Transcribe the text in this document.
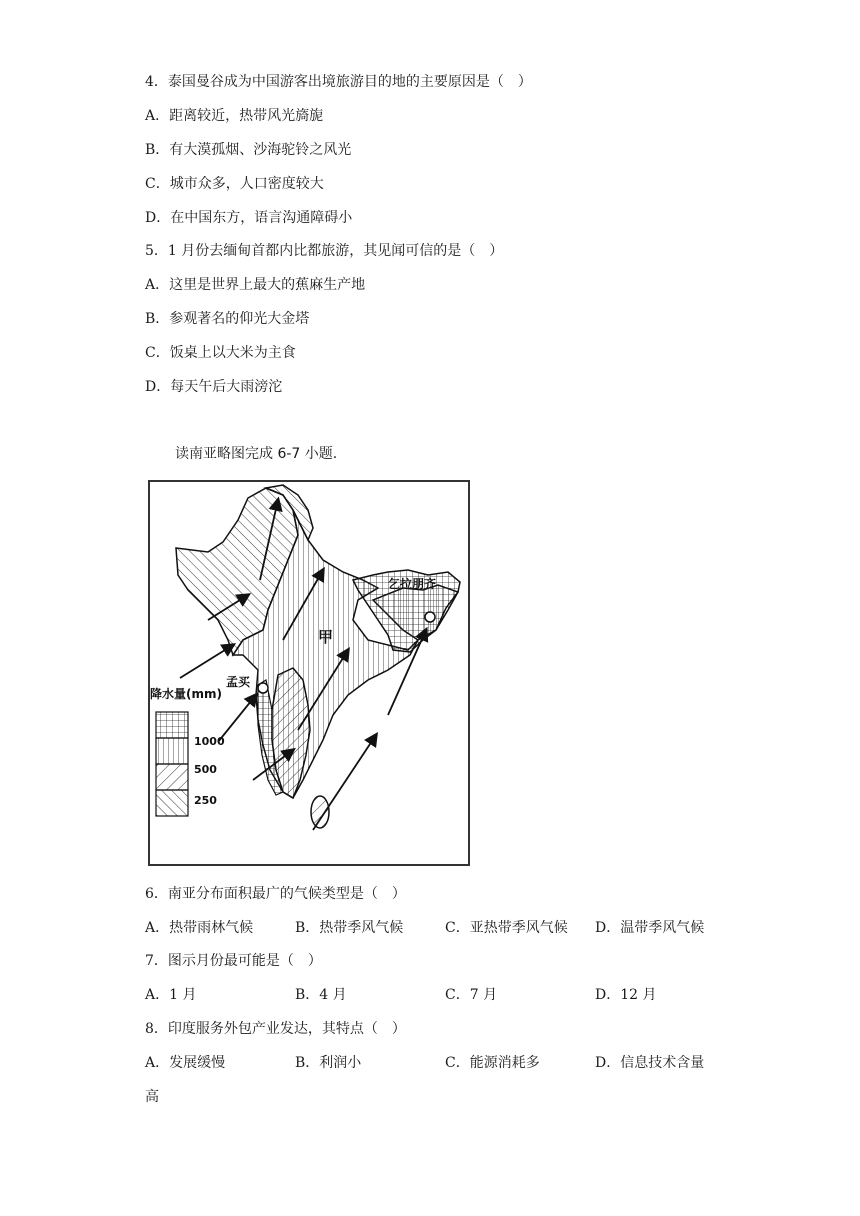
4．泰国曼谷成为中国游客出境旅游目的地的主要原因是（　）
A．距离较近，热带风光旖旎
B．有大漠孤烟、沙海驼铃之风光
C．城市众多，人口密度较大
D．在中国东方，语言沟通障碍小
5．1 月份去缅甸首都内比都旅游，其见闻可信的是（　）
A．这里是世界上最大的蕉麻生产地
B．参观著名的仰光大金塔
C．饭桌上以大米为主食
D．每天午后大雨滂沱
读南亚略图完成 6-7 小题.
甲
孟买
乞拉朋齐
降水量(mm)
1000
500
250
6．南亚分布面积最广的气候类型是（　）
A．热带雨林气候	B．热带季风气候	C．亚热带季风气候 D．温带季风气候
7．图示月份最可能是（　）
A．1 月	B．4 月	C．7 月	D．12 月
8．印度服务外包产业发达，其特点（　）
A．发展缓慢	B．利润小	C．能源消耗多	D．信息技术含量
高
